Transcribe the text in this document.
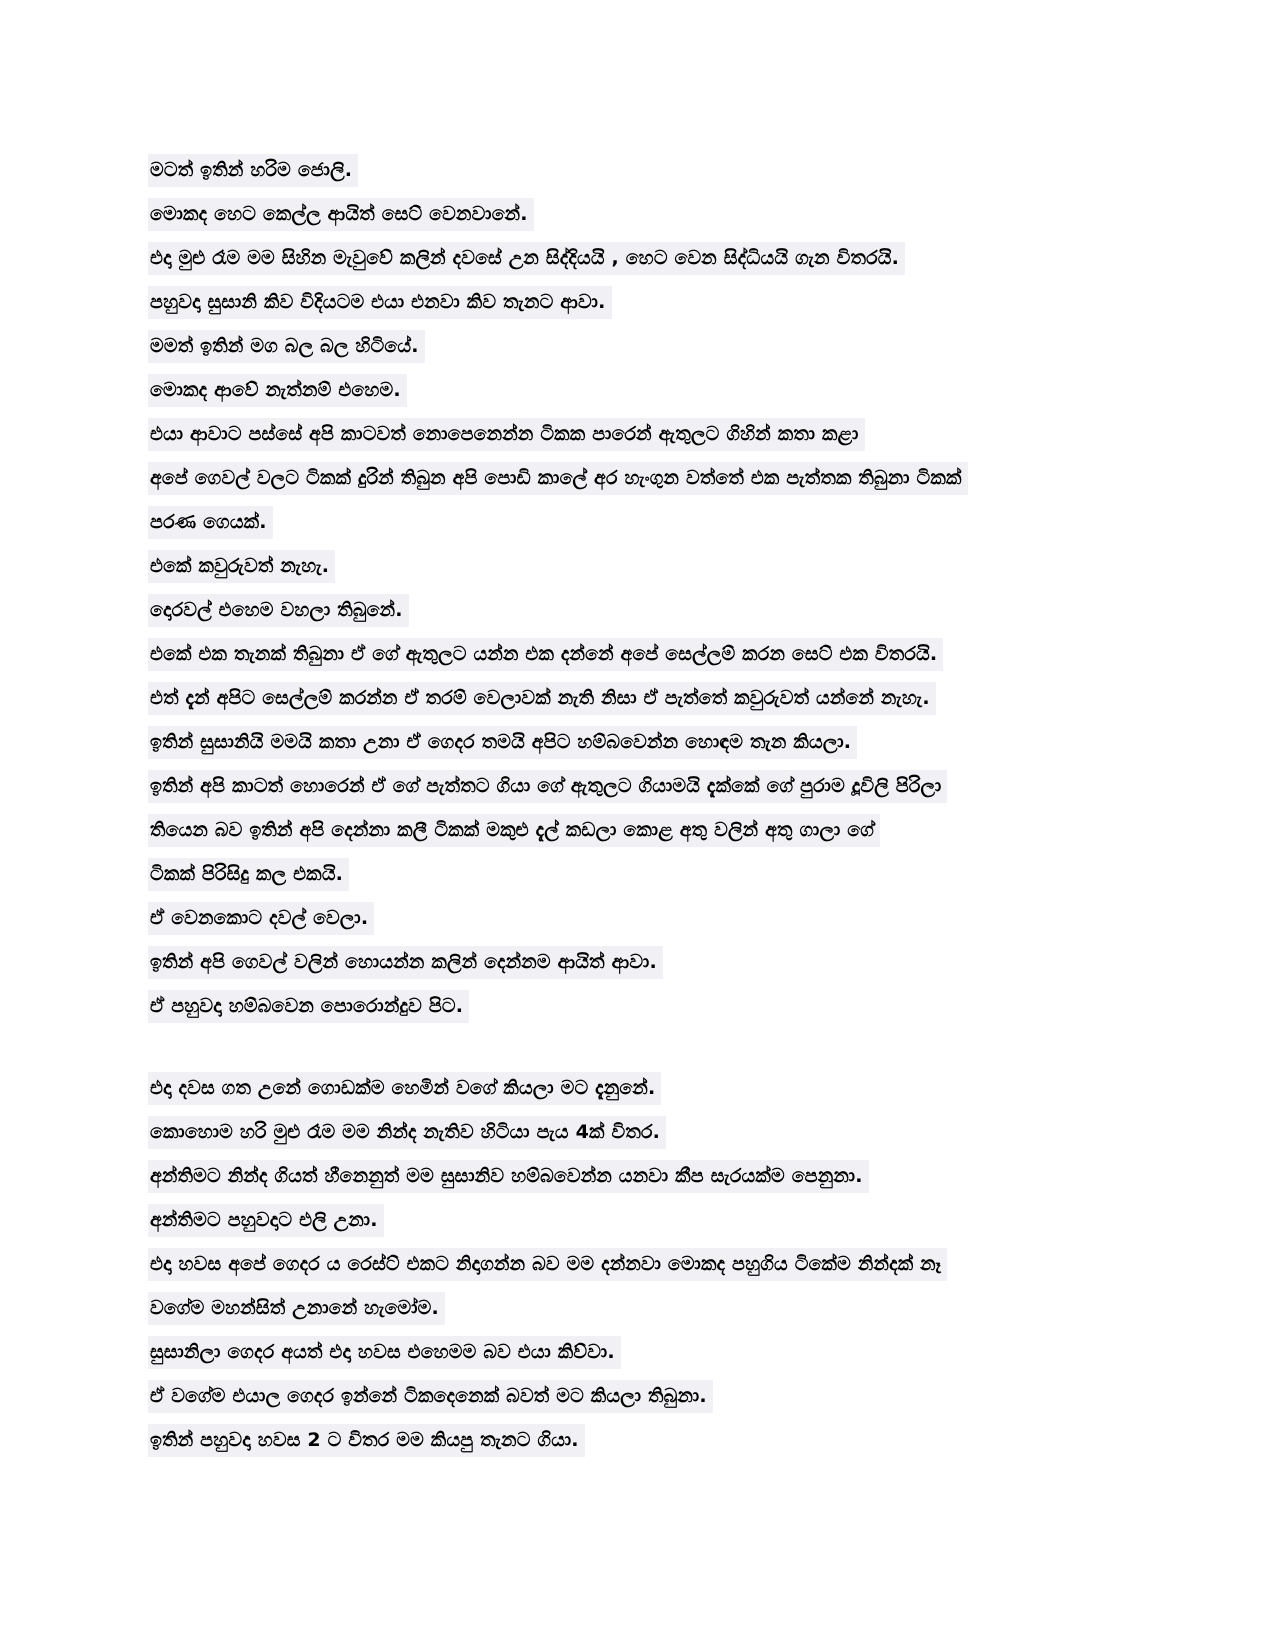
මටත් ඉතින් හරිම ජොලි.
මොකද හෙට කෙල්ල ආයිත් සෙට් වෙනවානේ.
එදා මුළු රෑම මම සිහින මැවුවේ කලින් දවසේ උන සිද්දියයි , හෙට වෙන සිද්ධියයි ගැන විතරයි.
පහුවදා සුසානි කිව විදියටම එයා එනවා කිව තැනට ආවා.
මමත් ඉතින් මග බල බල හිටියේ.
මොකද ආවේ නැත්නම් එහෙම.
එයා ආවාට පස්සේ අපි කාටවත් නොපෙනෙන්න ටිකක පාරෙන් ඇතුලට ගිහින් කතා කළා
අපේ ගෙවල් වලට ටිකක් දුරින් තිබුන අපි පොඩි කාලේ අර හැංගුන වත්තේ එක පැත්තක තිබුනා ටිකක්
පරණ ගෙයක්.
එකේ කවුරුවත් නැහැ.
දොරවල් එහෙම වහලා තිබුනේ.
එකේ එක තැනක් තිබුනා ඒ ගේ ඇතුලට යන්න එක දන්නේ අපේ සෙල්ලම් කරන සෙට් එක විතරයි.
එත් දැන් අපිට සෙල්ලම් කරන්න ඒ තරම් වෙලාවක් නැති නිසා ඒ පැත්තේ කවුරුවත් යන්නේ නැහැ.
ඉතින් සුසානියි මමයි කතා උනා ඒ ගෙදර තමයි අපිට හම්බවෙන්න හොඳම තැන කියලා.
ඉතින් අපි කාටත් හොරෙන් ඒ ගේ පැත්තට ගියා ගේ ඇතුලට ගියාමයි දැක්කේ ගේ පුරාම දූවිලි පිරිලා
තියෙන බව ඉතින් අපි දෙන්නා කලී ටිකක් මකුළු දැල් කඩලා කොළ අතු වලින් අතු ගාලා ගේ
ටිකක් පිරිසිදු කල එකයි.
ඒ වෙනකොට දවල් වෙලා.
ඉතින් අපි ගෙවල් වලින් හොයන්න කලින් දෙන්නම ආයිත් ආවා.
ඒ පහුවදා හම්බවෙන පොරොන්දුව පිට.
එදා දවස ගත උනේ ගොඩක්ම හෙමින් වගේ කියලා මට දැනුනේ.
කොහොම හරි මුළු රෑම මම නින්ද නැතිව හිටියා පැය 4ක් විතර.
අන්තිමට නින්ද ගියත් හීනෙනුත් මම සුසානිව හම්බවෙන්න යනවා කීප සැරයක්ම පෙනුනා.
අන්තිමට පහුවදාට එලි උනා.
එදා හවස අපේ ගෙදර ය රෙස්ට් එකට නිදාගන්න බව මම දන්නවා මොකද පහුගිය ටිකේම නින්දක් නෑ
වගේම මහන්සිත් උනානේ හැමෝම.
සුසානිලා ගෙදර අයත් එදා හවස එහෙමම බව එයා කිව්වා.
ඒ වගේම එයාල ගෙදර ඉන්නේ ටිකදෙනෙක් බවත් මට කියලා තිබුනා.
ඉතින් පහුවදා හවස 2 ට විතර මම කියපු තැනට ගියා.
